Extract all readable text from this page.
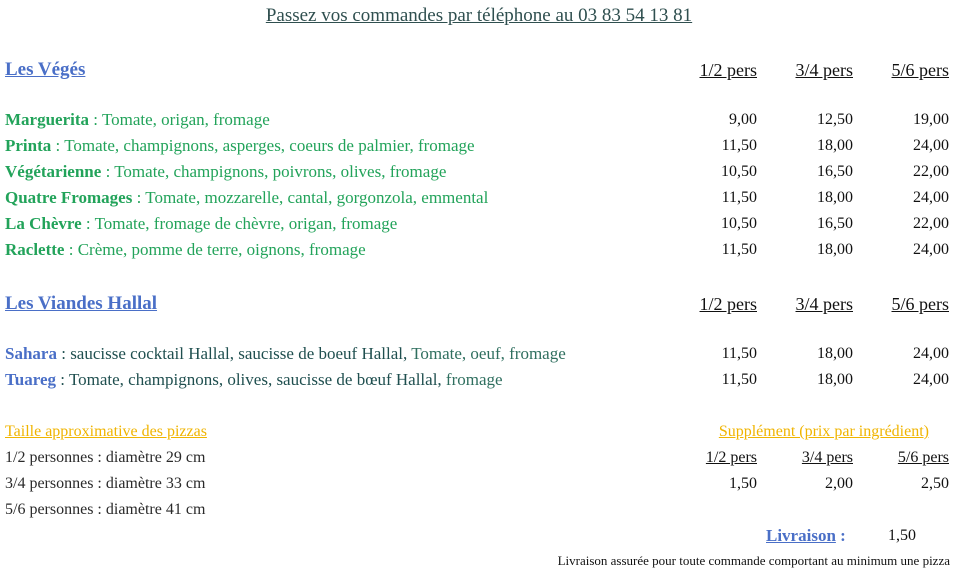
Passez vos commandes par téléphone au 03 83 54 13 81
Les Végés	1/2 pers 3/4 pers 5/6 pers
Marguerita : Tomate, origan, fromage	9,00	12,50	19,00
Printa : Tomate, champignons, asperges, coeurs de palmier, fromage	11,50	18,00	24,00
Végétarienne : Tomate, champignons, poivrons, olives, fromage	10,50	16,50	22,00
Quatre Fromages : Tomate, mozzarelle, cantal, gorgonzola, emmental	11,50	18,00	24,00
La Chèvre : Tomate, fromage de chèvre, origan, fromage	10,50	16,50	22,00
Raclette : Crème, pomme de terre, oignons, fromage	11,50	18,00	24,00
Les Viandes Hallal	1/2 pers 3/4 pers 5/6 pers
Sahara : saucisse cocktail Hallal, saucisse de boeuf Hallal, Tomate, oeuf, fromage	11,50	18,00	24,00
Tuareg : Tomate, champignons, olives, saucisse de bœuf Hallal, fromage	11,50	18,00	24,00
Taille approximative des pizzas
1/2 personnes : diamètre 29 cm
3/4 personnes : diamètre 33 cm
5/6 personnes : diamètre 41 cm
Supplément (prix par ingrédient)
1/2 pers	3/4 pers	5/6 pers
1,50	2,00	2,50
Livraison :	1,50
Livraison assurée pour toute commande comportant au minimum une pizza
